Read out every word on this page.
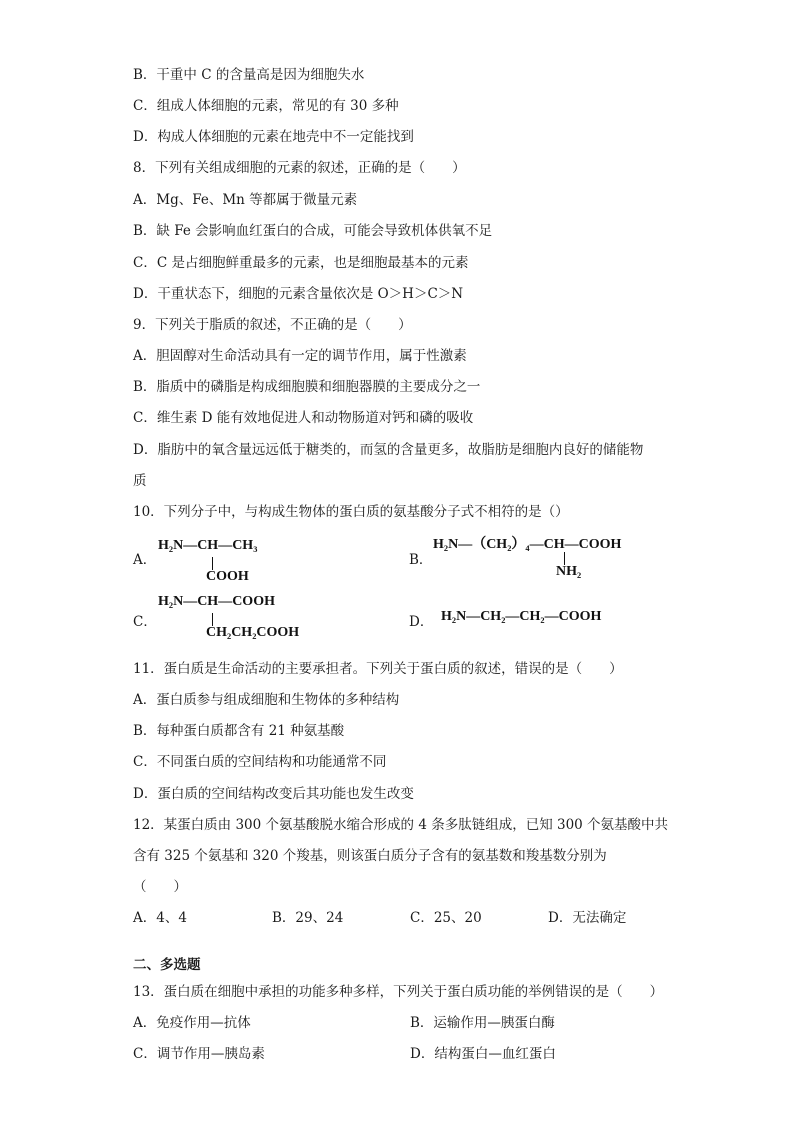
B．干重中 C 的含量高是因为细胞失水
C．组成人体细胞的元素，常见的有 30 多种
D．构成人体细胞的元素在地壳中不一定能找到
8．下列有关组成细胞的元素的叙述，正确的是（　　）
A．Mg、Fe、Mn 等都属于微量元素
B．缺 Fe 会影响血红蛋白的合成，可能会导致机体供氧不足
C．C 是占细胞鲜重最多的元素，也是细胞最基本的元素
D．干重状态下，细胞的元素含量依次是 O＞H＞C＞N
9．下列关于脂质的叙述，不正确的是（　　）
A．胆固醇对生命活动具有一定的调节作用，属于性激素
B．脂质中的磷脂是构成细胞膜和细胞器膜的主要成分之一
C．维生素 D 能有效地促进人和动物肠道对钙和磷的吸收
D．脂肪中的氧含量远远低于糖类的，而氢的含量更多，故脂肪是细胞内良好的储能物
质
10．下列分子中，与构成生物体的蛋白质的氨基酸分子式不相符的是（）
A．
H₂N—CH—CH₃
COOH
B．
H₂N—（CH₂）₄—CH—COOH
NH₂
C．
H₂N—CH—COOH
CH₂CH₂COOH
D． H₂N—CH₂—CH₂—COOH
11．蛋白质是生命活动的主要承担者。下列关于蛋白质的叙述，错误的是（　　）
A．蛋白质参与组成细胞和生物体的多种结构
B．每种蛋白质都含有 21 种氨基酸
C．不同蛋白质的空间结构和功能通常不同
D．蛋白质的空间结构改变后其功能也发生改变
12．某蛋白质由 300 个氨基酸脱水缩合形成的 4 条多肽链组成，已知 300 个氨基酸中共
含有 325 个氨基和 320 个羧基，则该蛋白质分子含有的氨基数和羧基数分别为
（　　）
A．4、4	B．29、24	C．25、20	D．无法确定
二、多选题
13．蛋白质在细胞中承担的功能多种多样，下列关于蛋白质功能的举例错误的是（　　）
A．免疫作用—抗体	B．运输作用—胰蛋白酶
C．调节作用—胰岛素	D．结构蛋白—血红蛋白
